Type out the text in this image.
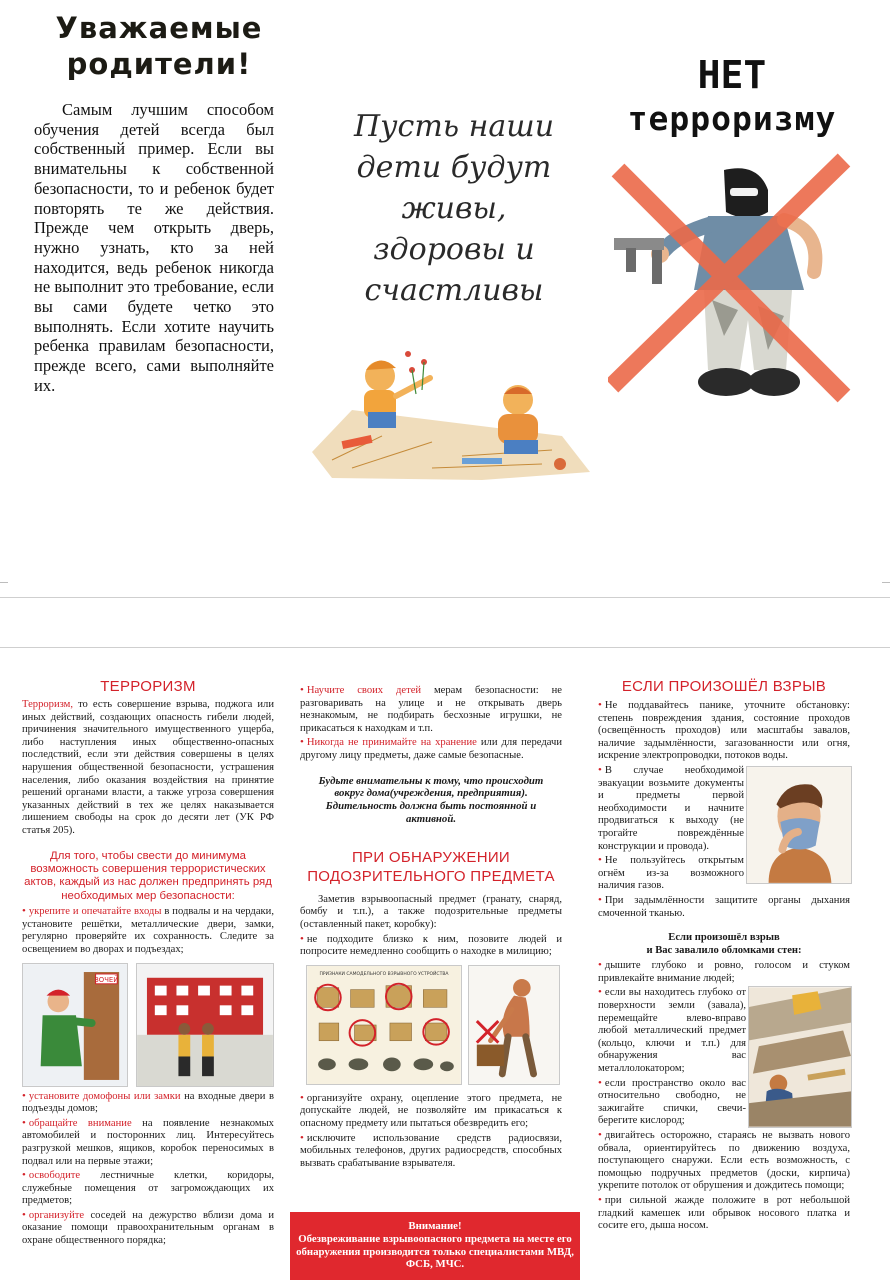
Уважаемые
родители!

Самым лучшим способом обучения детей всегда был собственный пример. Если вы внимательны к собственной безопасности, то и ребенок будет повторять те же действия. Прежде чем открыть дверь, нужно узнать, кто за ней находится, ведь ребенок никогда не выполнит это требование, если вы сами будете четко это выполнять. Если хотите научить ребенка правилам безопасности, прежде всего, сами выполняйте их.

Пусть наши
дети будут
живы,
здоровы и
счастливы
НЕТ
терроризму
ТЕРРОРИЗМ

Терроризм, то есть совершение взрыва, поджога или иных действий, создающих опасность гибели людей, причинения значительного имущественного ущерба, либо наступления иных общественно-опасных последствий, если эти действия совершены в целях нарушения общественной безопасности, устрашения населения, либо оказания воздействия на принятие решений органами власти, а также угроза совершения указанных действий в тех же целях наказывается лишением свободы на срок до десяти лет (УК РФ статья 205).

Для того, чтобы свести до минимума возможность совершения террористических актов, каждый из нас должен предпринять ряд необходимых мер безопасности:

• укрепите и опечатайте входы в подвалы и на чердаки, установите решётки, металлические двери, замки, регулярно проверяйте их сохранность. Следите за освещением во дворах и подъездах;

ЗОЧЕЙ

• установите домофоны или замки на входные двери в подъезды домов;

• обращайте внимание на появление незнакомых автомобилей и посторонних лиц. Интересуйтесь разгрузкой мешков, ящиков, коробок переносимых в подвал или на первые этажи;

• освободите лестничные клетки, коридоры, служебные помещения от загромождающих их предметов;

• организуйте соседей на дежурство вблизи дома и оказание помощи правоохранительным органам в охране общественного порядка;

• Научите своих детей мерам безопасности: не разговаривать на улице и не открывать дверь незнакомым, не подбирать бесхозные игрушки, не прикасаться к находкам и т.п.

• Никогда не принимайте на хранение или для передачи другому лицу предметы, даже самые безопасные.

Будьте внимательны к тому, что происходит вокруг дома(учреждения, предприятия). Бдительность должна быть постоянной и активной.

ПРИ ОБНАРУЖЕНИИ ПОДОЗРИТЕЛЬНОГО ПРЕДМЕТА

Заметив взрывоопасный предмет (гранату, снаряд, бомбу и т.п.), а также подозрительные предметы (оставленный пакет, коробку):

• не подходите близко к ним, позовите людей и попросите немедленно сообщить о находке в милицию;

ПРИЗНАКИ САМОДЕЛЬНОГО ВЗРЫВНОГО УСТРОЙСТВА

• организуйте охрану, оцепление этого предмета, не допускайте людей, не позволяйте им прикасаться к опасному предмету или пытаться обезвредить его;

• исключите использование средств радиосвязи, мобильных телефонов, других радиосредств, способных вызвать срабатывание взрывателя.

Внимание!
Обезвреживание взрывоопасного предмета на месте его обнаружения производится только специалистами МВД, ФСБ, МЧС.
ЕСЛИ ПРОИЗОШЁЛ ВЗРЫВ

• Не поддавайтесь панике, уточните обстановку: степень повреждения здания, состояние проходов (освещённость проходов) или масштабы завалов, наличие задымлённости, загазованности или огня, искрение электропроводки, потоков воды.

• В случае необходимой эвакуации возьмите документы и предметы первой необходимости и начните продвигаться к выходу (не трогайте повреждённые конструкции и провода).

• Не пользуйтесь открытым огнём из-за возможного наличия газов.

• При задымлённости защитите органы дыхания смоченной тканью.

Если произошёл взрыв
и Вас завалило обломками стен:

• дышите глубоко и ровно, голосом и стуком привлекайте внимание людей;

• если вы находитесь глубоко от поверхности земли (завала), перемещайте влево-вправо любой металлический предмет (кольцо, ключи и т.п.) для обнаружения вас металлолокатором;

• если пространство около вас относительно свободно, не зажигайте спички, свечи- берегите кислород;

• двигайтесь осторожно, стараясь не вызвать нового обвала, ориентируйтесь по движению воздуха, поступающего снаружи. Если есть возможность, с помощью подручных предметов (доски, кирпича) укрепите потолок от обрушения и дождитесь помощи;

• при сильной жажде положите в рот небольшой гладкий камешек или обрывок носового платка и сосите его, дыша носом.
